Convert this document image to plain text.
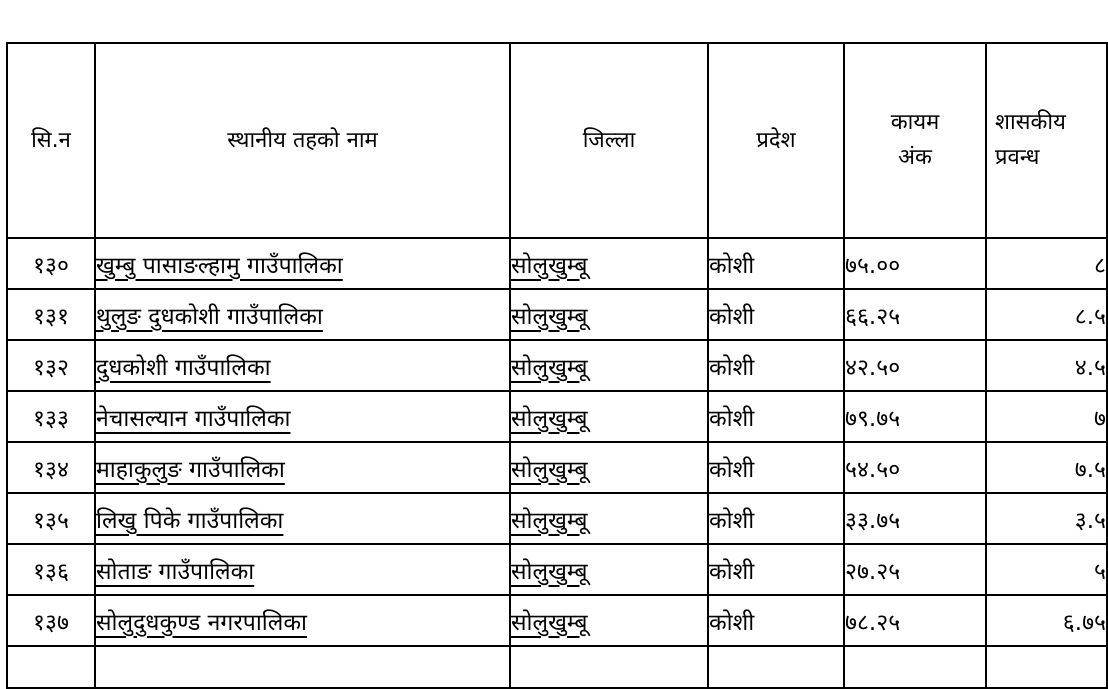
सि.न	स्थानीय तहको नाम	जिल्ला	प्रदेश	कायम अंक	शासकीय प्रवन्ध
१३०	खुम्बु पासाङल्हामु गाउँपालिका	सोलुखुम्बू	कोशी	७५.००	८
१३१	थुलुङ दुधकोशी गाउँपालिका	सोलुखुम्बू	कोशी	६६.२५	८.५
१३२	दुधकोशी गाउँपालिका	सोलुखुम्बू	कोशी	४२.५०	४.५
१३३	नेचासल्यान गाउँपालिका	सोलुखुम्बू	कोशी	७९.७५	७
१३४	माहाकुलुङ गाउँपालिका	सोलुखुम्बू	कोशी	५४.५०	७.५
१३५	लिखु पिके गाउँपालिका	सोलुखुम्बू	कोशी	३३.७५	३.५
१३६	सोताङ गाउँपालिका	सोलुखुम्बू	कोशी	२७.२५	५
१३७	सोलुदुधकुण्ड नगरपालिका	सोलुखुम्बू	कोशी	७८.२५	६.७५
